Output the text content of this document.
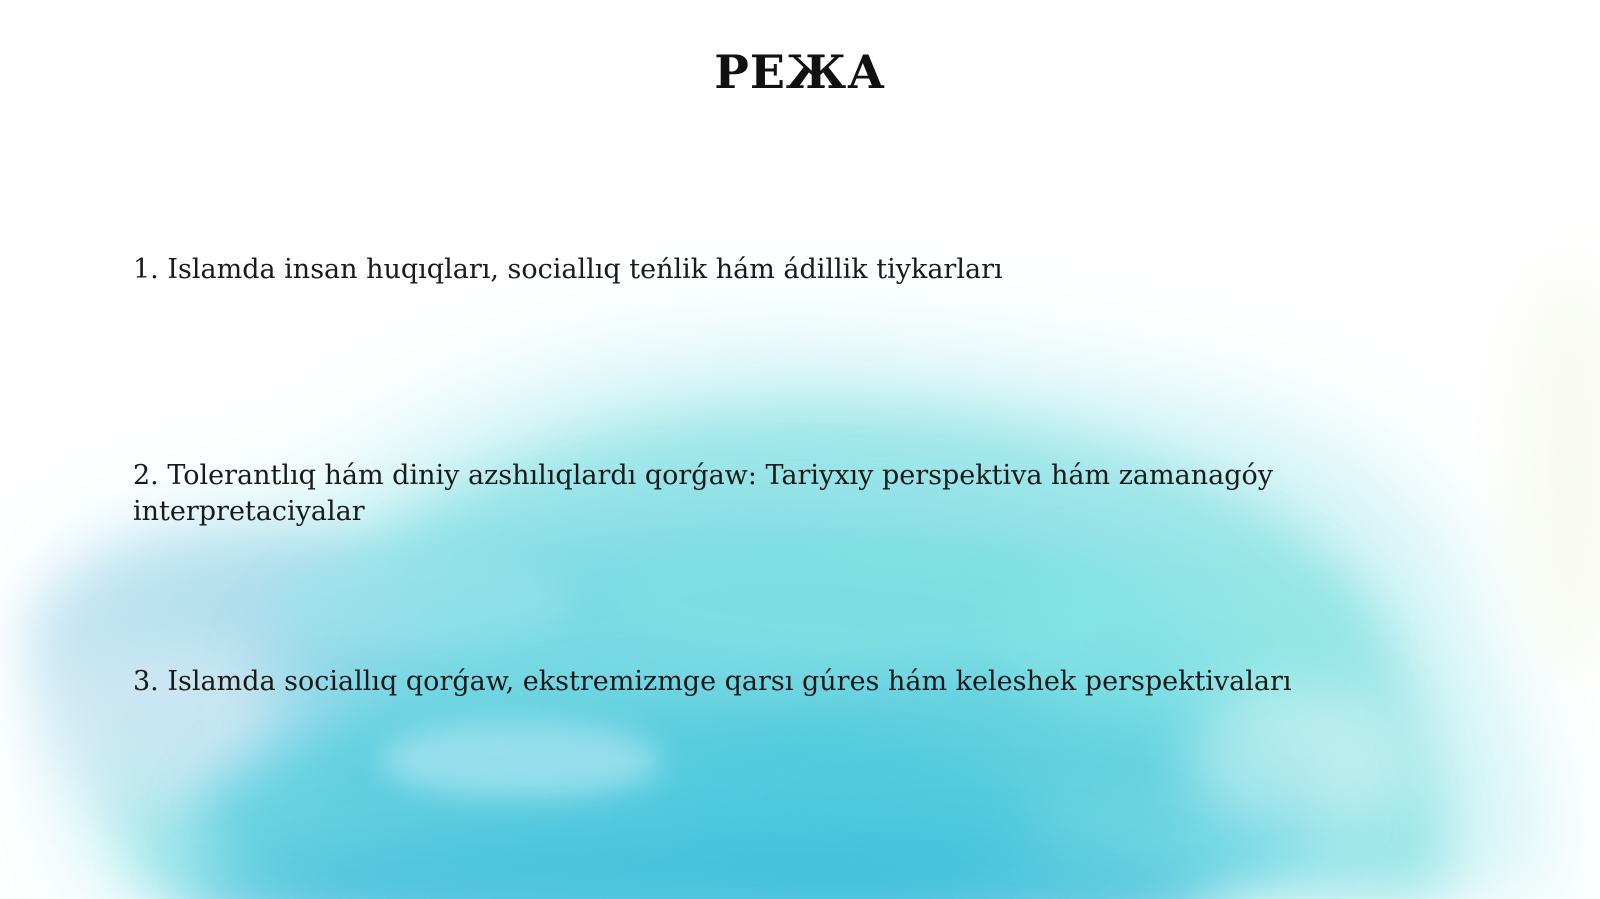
РЕЖА
1. Islamda insan huqıqları, sociallıq teńlik hám ádillik tiykarları
2. Tolerantlıq hám diniy azshılıqlardı qorǵaw: Tariyxıy perspektiva hám zamanagóy interpretaciyalar
3. Islamda sociallıq qorǵaw, ekstremizmge qarsı gúres hám keleshek perspektivaları
